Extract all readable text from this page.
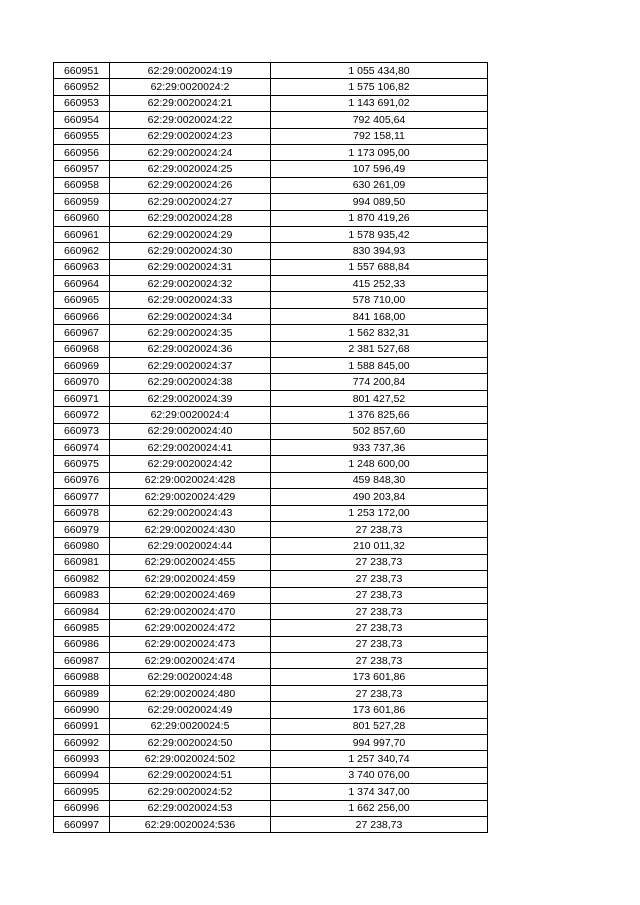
660951	62:29:0020024:19	1 055 434,80
660952	62:29:0020024:2	1 575 106,82
660953	62:29:0020024:21	1 143 691,02
660954	62:29:0020024:22	792 405,64
660955	62:29:0020024:23	792 158,11
660956	62:29:0020024:24	1 173 095,00
660957	62:29:0020024:25	107 596,49
660958	62:29:0020024:26	630 261,09
660959	62:29:0020024:27	994 089,50
660960	62:29:0020024:28	1 870 419,26
660961	62:29:0020024:29	1 578 935,42
660962	62:29:0020024:30	830 394,93
660963	62:29:0020024:31	1 557 688,84
660964	62:29:0020024:32	415 252,33
660965	62:29:0020024:33	578 710,00
660966	62:29:0020024:34	841 168,00
660967	62:29:0020024:35	1 562 832,31
660968	62:29:0020024:36	2 381 527,68
660969	62:29:0020024:37	1 588 845,00
660970	62:29:0020024:38	774 200,84
660971	62:29:0020024:39	801 427,52
660972	62:29:0020024:4	1 376 825,66
660973	62:29:0020024:40	502 857,60
660974	62:29:0020024:41	933 737,36
660975	62:29:0020024:42	1 248 600,00
660976	62:29:0020024:428	459 848,30
660977	62:29:0020024:429	490 203,84
660978	62:29:0020024:43	1 253 172,00
660979	62:29:0020024:430	27 238,73
660980	62:29:0020024:44	210 011,32
660981	62:29:0020024:455	27 238,73
660982	62:29:0020024:459	27 238,73
660983	62:29:0020024:469	27 238,73
660984	62:29:0020024:470	27 238,73
660985	62:29:0020024:472	27 238,73
660986	62:29:0020024:473	27 238,73
660987	62:29:0020024:474	27 238,73
660988	62:29:0020024:48	173 601,86
660989	62:29:0020024:480	27 238,73
660990	62:29:0020024:49	173 601,86
660991	62:29:0020024:5	801 527,28
660992	62:29:0020024:50	994 997,70
660993	62:29:0020024:502	1 257 340,74
660994	62:29:0020024:51	3 740 076,00
660995	62:29:0020024:52	1 374 347,00
660996	62:29:0020024:53	1 662 256,00
660997	62:29:0020024:536	27 238,73
